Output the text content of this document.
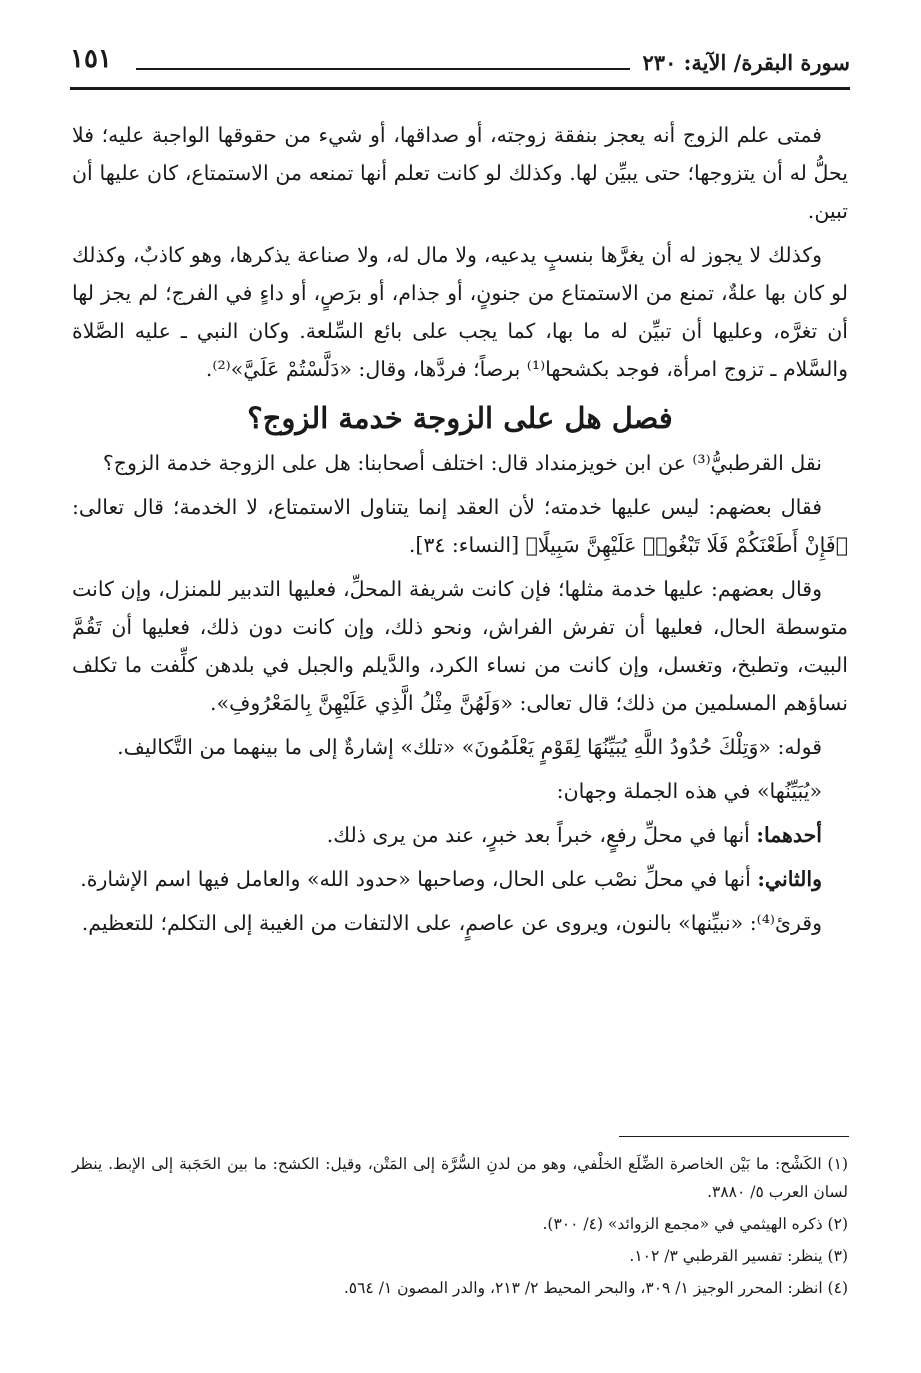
سورة البقرة/ الآية: ٢٣٠
١٥١

فمتى علم الزوج أنه يعجز بنفقة زوجته، أو صداقها، أو شيء من حقوقها الواجبة عليه؛ فلا يحلُّ له أن يتزوجها؛ حتى يبيِّن لها. وكذلك لو كانت تعلم أنها تمنعه من الاستمتاع، كان عليها أن تبين.

وكذلك لا يجوز له أن يغرَّها بنسبٍ يدعيه، ولا مال له، ولا صناعة يذكرها، وهو كاذبٌ، وكذلك لو كان بها علةٌ، تمنع من الاستمتاع من جنونٍ، أو جذام، أو برَصٍ، أو داءٍ في الفرج؛ لم يجز لها أن تغرَّه، وعليها أن تبيِّن له ما بها، كما يجب على بائع السِّلعة. وكان النبي ـ عليه الصَّلاة والسَّلام ـ تزوج امرأة، فوجد بكشحها⁽¹⁾ برصاً؛ فردَّها، وقال: «دَلَّسْتُمْ عَلَيَّ»⁽²⁾.

فصل هل على الزوجة خدمة الزوج؟

نقل القرطبيُّ⁽³⁾ عن ابن خويزمنداد قال: اختلف أصحابنا: هل على الزوجة خدمة الزوج؟

فقال بعضهم: ليس عليها خدمته؛ لأن العقد إنما يتناول الاستمتاع، لا الخدمة؛ قال تعالى: ﴿فَإِنْ أَطَعْنَكُمْ فَلَا تَبْغُوا۟ عَلَيْهِنَّ سَبِيلًا﴾ [النساء: ٣٤].

وقال بعضهم: عليها خدمة مثلها؛ فإن كانت شريفة المحلِّ، فعليها التدبير للمنزل، وإن كانت متوسطة الحال، فعليها أن تفرش الفراش، ونحو ذلك، وإن كانت دون ذلك، فعليها أن تَقُمَّ البيت، وتطبخ، وتغسل، وإن كانت من نساء الكرد، والدَّيلم والجبل في بلدهن كلِّفت ما تكلف نساؤهم المسلمين من ذلك؛ قال تعالى: «وَلَهُنَّ مِثْلُ الَّذِي عَلَيْهِنَّ بِالمَعْرُوفِ».

قوله: «وَتِلْكَ حُدُودُ اللَّهِ يُبَيِّنُهَا لِقَوْمٍ يَعْلَمُونَ» «تلك» إشارةٌ إلى ما بينهما من التَّكاليف.

«يُبَيِّنُها» في هذه الجملة وجهان:

أحدهما: أنها في محلِّ رفعٍ، خبراً بعد خبرٍ، عند من يرى ذلك.

والثاني: أنها في محلِّ نصْب على الحال، وصاحبها «حدود الله» والعامل فيها اسم الإشارة.

وقرئ⁽⁴⁾: «نبيِّنها» بالنون، ويروى عن عاصمٍ، على الالتفات من الغيبة إلى التكلم؛ للتعظيم.

(١) الكَشْح: ما بَيْن الخاصرة الضِّلَع الخلْفي، وهو من لدنِ السُّرَّة إلى المَتْن، وقيل: الكشح: ما بين الحَجَبة إلى الإبط. ينظر لسان العرب ٥/ ٣٨٨٠.
(٢) ذكره الهيثمي في «مجمع الزوائد» (٤/ ٣٠٠).
(٣) ينظر: تفسير القرطبي ٣/ ١٠٢.
(٤) انظر: المحرر الوجيز ١/ ٣٠٩، والبحر المحيط ٢/ ٢١٣، والدر المصون ١/ ٥٦٤.
